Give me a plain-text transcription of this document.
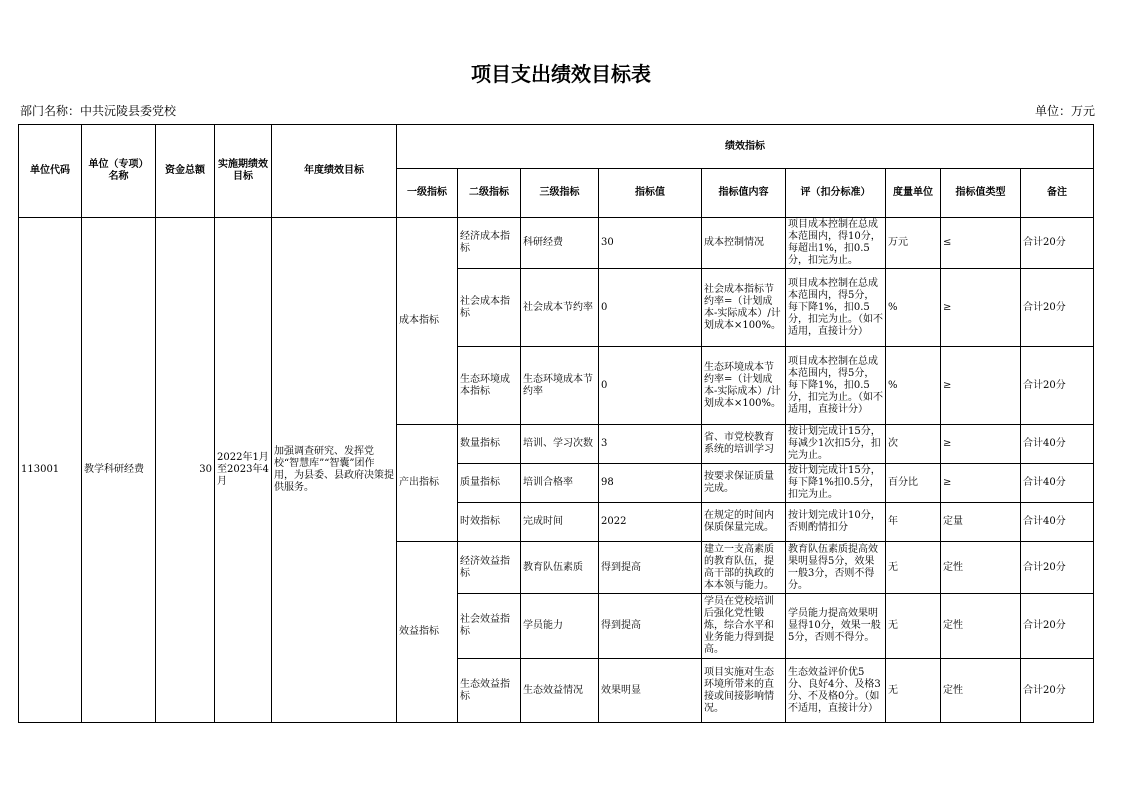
项目支出绩效目标表
部门名称：中共沅陵县委党校	单位：万元
单位代码	单位（专项）名称	资金总额	实施期绩效目标	年度绩效目标	绩效指标								
					一级指标	二级指标	三级指标	指标值	指标值内容	评（扣分标准）	度量单位	指标值类型	备注
113001	教学科研经费	30	2022年1月至2023年4月	加强调查研究、发挥党校“智慧库”“智囊”团作用，为县委、县政府决策提供服务。	成本指标	经济成本指标	科研经费	30	成本控制情况	项目成本控制在总成本范围内，得10分，每超出1%，扣0.5分，扣完为止。	万元	≤	合计20分
						社会成本指标	社会成本节约率	0	社会成本指标节约率=（计划成本-实际成本）/计划成本×100%。	项目成本控制在总成本范围内，得5分，每下降1%，扣0.5分，扣完为止。（如不适用，直接计分）	%	≥	合计20分
						生态环境成本指标	生态环境成本节约率	0	生态环境成本节约率=（计划成本-实际成本）/计划成本×100%。	项目成本控制在总成本范围内，得5分，每下降1%，扣0.5分，扣完为止。（如不适用，直接计分）	%	≥	合计20分
					产出指标	数量指标	培训、学习次数	3	省、市党校教育系统的培训学习	按计划完成计15分，每减少1次扣5分，扣完为止。	次	≥	合计40分
						质量指标	培训合格率	98	按要求保证质量完成。	按计划完成计15分，每下降1%扣0.5分，扣完为止。	百分比	≥	合计40分
						时效指标	完成时间	2022	在规定的时间内保质保量完成。	按计划完成计10分，否则酌情扣分	年	定量	合计40分
					效益指标	经济效益指标	教育队伍素质	得到提高	建立一支高素质的教育队伍，提高干部的执政的本本领与能力。	教育队伍素质提高效果明显得5分，效果一般3分，否则不得分。	无	定性	合计20分
						社会效益指标	学员能力	得到提高	学员在党校培训后强化党性锻炼，综合水平和业务能力得到提高。	学员能力提高效果明显得10分，效果一般5分，否则不得分。	无	定性	合计20分
						生态效益指标	生态效益情况	效果明显	项目实施对生态环境所带来的直接或间接影响情况。	生态效益评价优5分、良好4分、及格3分、不及格0分。（如不适用，直接计分）	无	定性	合计20分
